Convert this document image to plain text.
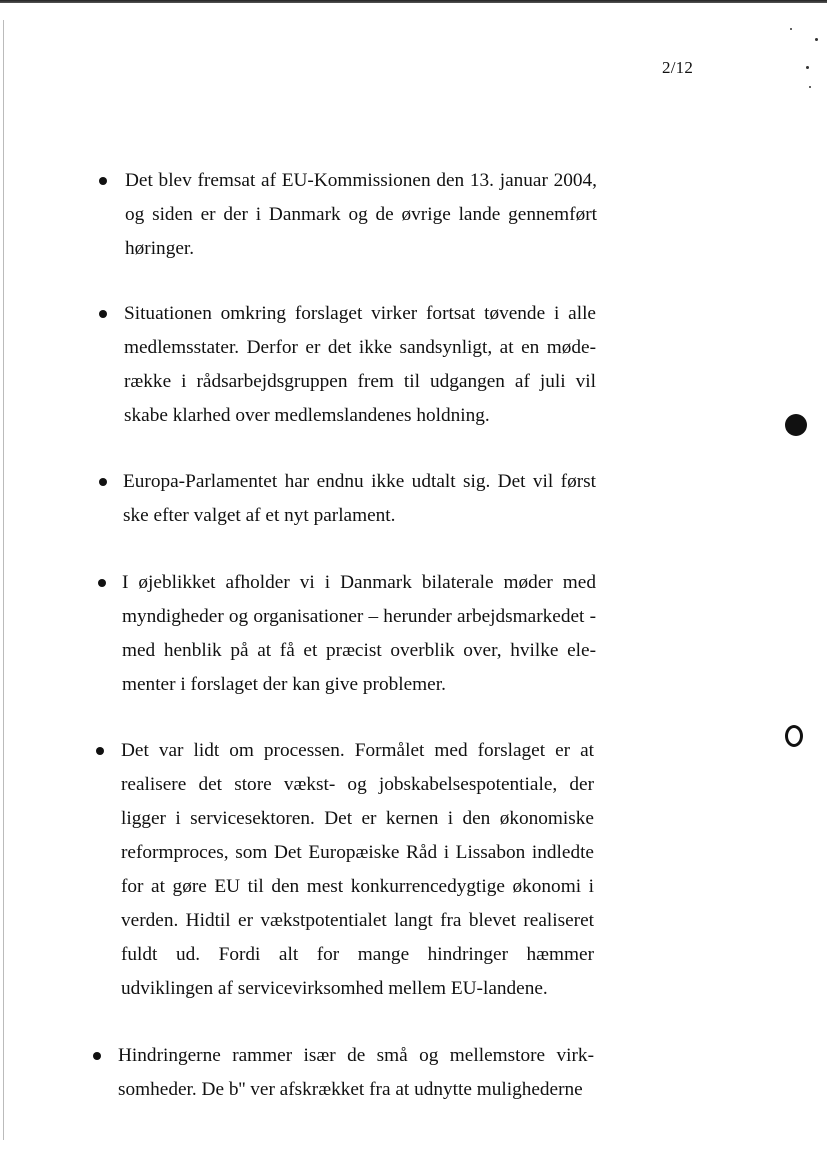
2/12
Det blev fremsat af EU-Kommissionen den 13. januar 2004, og siden er der i Danmark og de øvrige lande gennemført høringer.
Situationen omkring forslaget virker fortsat tøvende i alle medlemsstater. Derfor er det ikke sandsynligt, at en møde-række i rådsarbejdsgruppen frem til udgangen af juli vil skabe klarhed over medlemslandenes holdning.
Europa-Parlamentet har endnu ikke udtalt sig. Det vil først ske efter valget af et nyt parlament.
I øjeblikket afholder vi i Danmark bilaterale møder med myndigheder og organisationer – herunder arbejdsmarkedet - med henblik på at få et præcist overblik over, hvilke ele-menter i forslaget der kan give problemer.
Det var lidt om processen. Formålet med forslaget er at realisere det store vækst- og jobskabelsespotentiale, der ligger i servicesektoren. Det er kernen i den økonomiske reformproces, som Det Europæiske Råd i Lissabon indledte for at gøre EU til den mest konkurrencedygtige økonomi i verden. Hidtil er vækstpotentialet langt fra blevet realiseret fuldt ud. Fordi alt for mange hindringer hæmmer udviklingen af servicevirksomhed mellem EU-landene.
Hindringerne rammer især de små og mellemstore virk-somheder. De b'' ver afskrækket fra at udnytte mulighederne
